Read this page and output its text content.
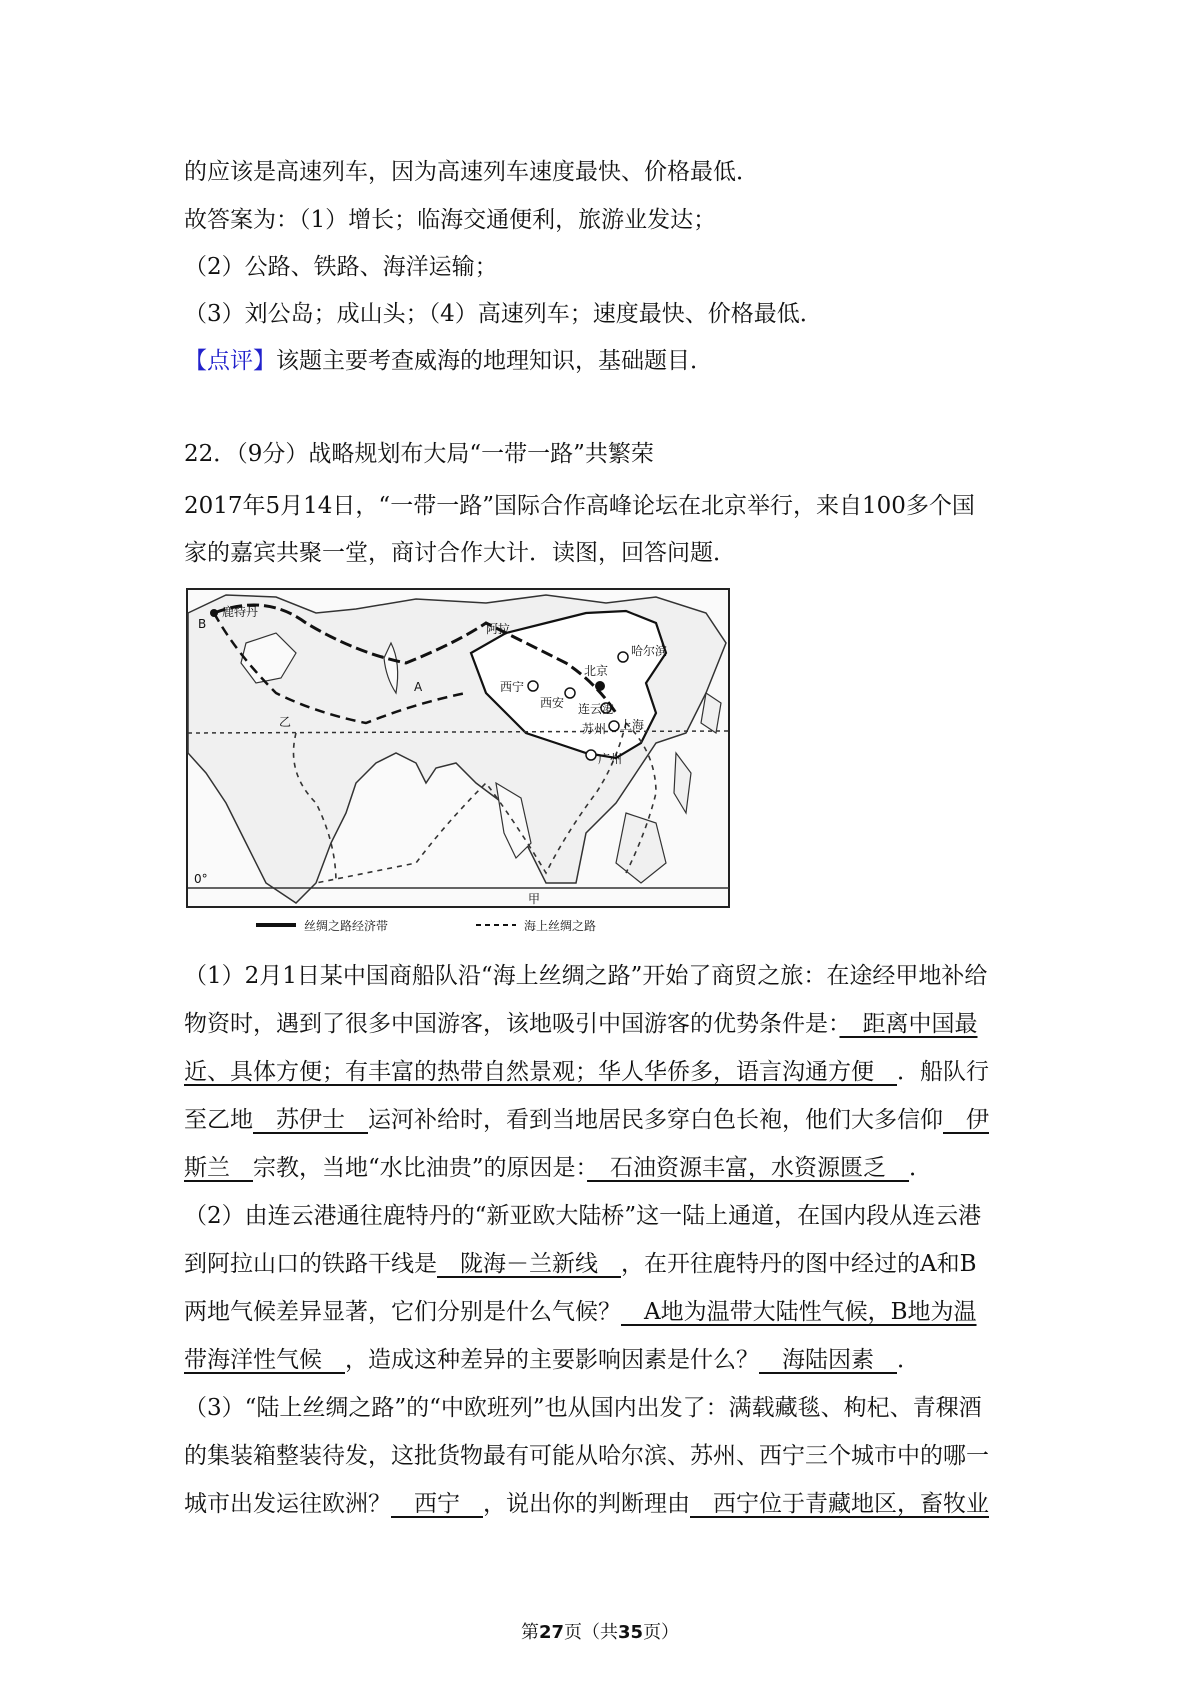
的应该是高速列车，因为高速列车速度最快、价格最低．
故答案为：（1）增长；临海交通便利，旅游业发达；
（2）公路、铁路、海洋运输；
（3）刘公岛；成山头；（4）高速列车；速度最快、价格最低．
【点评】该题主要考查威海的地理知识，基础题目．
22．（9分）战略规划布大局“一带一路”共繁荣
2017年5月14日，“一带一路”国际合作高峰论坛在北京举行，来自100多个国
家的嘉宾共聚一堂，商讨合作大计．读图，回答问题．
B
鹿特丹
A
乙
甲
阿拉
哈尔滨
北京
西宁
西安 连云港
苏州 上海
广州
0°
丝绸之路经济带	海上丝绸之路
（1）2月1日某中国商船队沿“海上丝绸之路”开始了商贸之旅：在途经甲地补给
物资时，遇到了很多中国游客，该地吸引中国游客的优势条件是：　距离中国最
近、具体方便；有丰富的热带自然景观；华人华侨多，语言沟通方便　．船队行
至乙地　苏伊士　运河补给时，看到当地居民多穿白色长袍，他们大多信仰　伊
斯兰　宗教，当地“水比油贵”的原因是：　石油资源丰富，水资源匮乏　．
（2）由连云港通往鹿特丹的“新亚欧大陆桥”这一陆上通道，在国内段从连云港
到阿拉山口的铁路干线是　陇海－兰新线　，在开往鹿特丹的图中经过的A和B
两地气候差异显著，它们分别是什么气候？　A地为温带大陆性气候，B地为温
带海洋性气候　，造成这种差异的主要影响因素是什么？　海陆因素　．
（3）“陆上丝绸之路”的“中欧班列”也从国内出发了：满载藏毯、枸杞、青稞酒
的集装箱整装待发，这批货物最有可能从哈尔滨、苏州、西宁三个城市中的哪一
城市出发运往欧洲？　西宁　，说出你的判断理由　西宁位于青藏地区，畜牧业
第27页（共35页）
